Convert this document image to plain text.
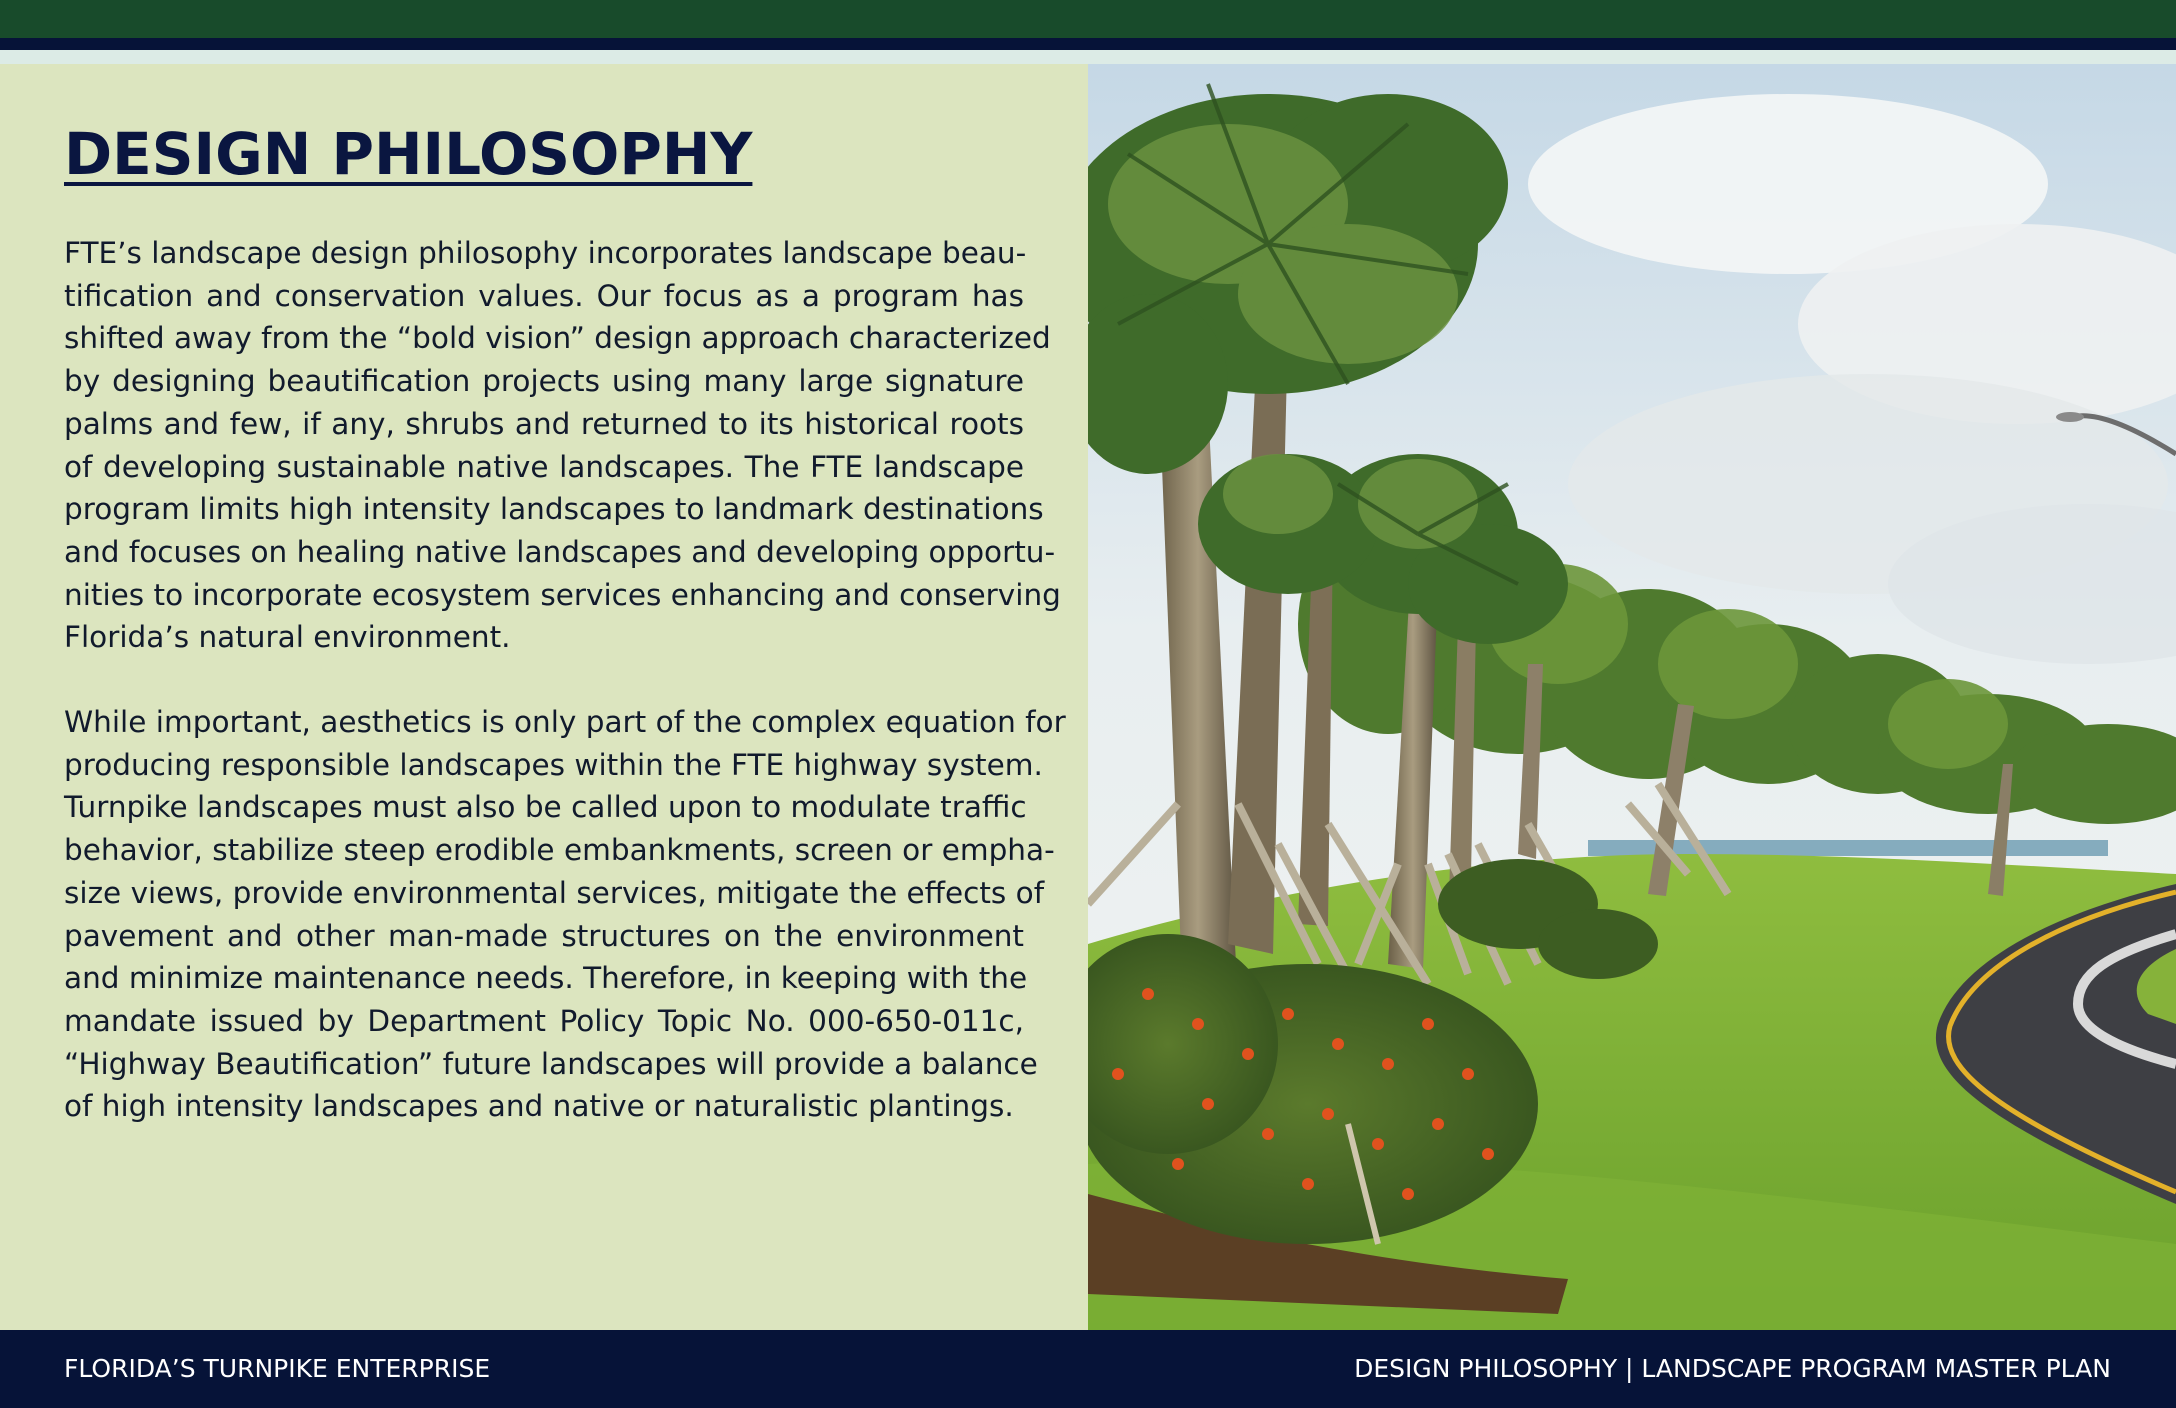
DESIGN PHILOSOPHY
FTE’s landscape design philosophy incorporates landscape beau-
tification and conservation values. Our focus as a program has
shifted away from the “bold vision” design approach characterized
by designing beautification projects using many large signature
palms and few, if any, shrubs and returned to its historical roots
of developing sustainable native landscapes. The FTE landscape
program limits high intensity landscapes to landmark destinations
and focuses on healing native landscapes and developing opportu-
nities to incorporate ecosystem services enhancing and conserving
Florida’s natural environment.
While important, aesthetics is only part of the complex equation for
producing responsible landscapes within the FTE highway system.
Turnpike landscapes must also be called upon to modulate traffic
behavior, stabilize steep erodible embankments, screen or empha-
size views, provide environmental services, mitigate the effects of
pavement and other man-made structures on the environment
and minimize maintenance needs. Therefore, in keeping with the
mandate issued by Department Policy Topic No. 000-650-011c,
“Highway Beautification” future landscapes will provide a balance
of high intensity landscapes and native or naturalistic plantings.
FLORIDA’S TURNPIKE ENTERPRISE	DESIGN PHILOSOPHY | LANDSCAPE PROGRAM MASTER PLAN
